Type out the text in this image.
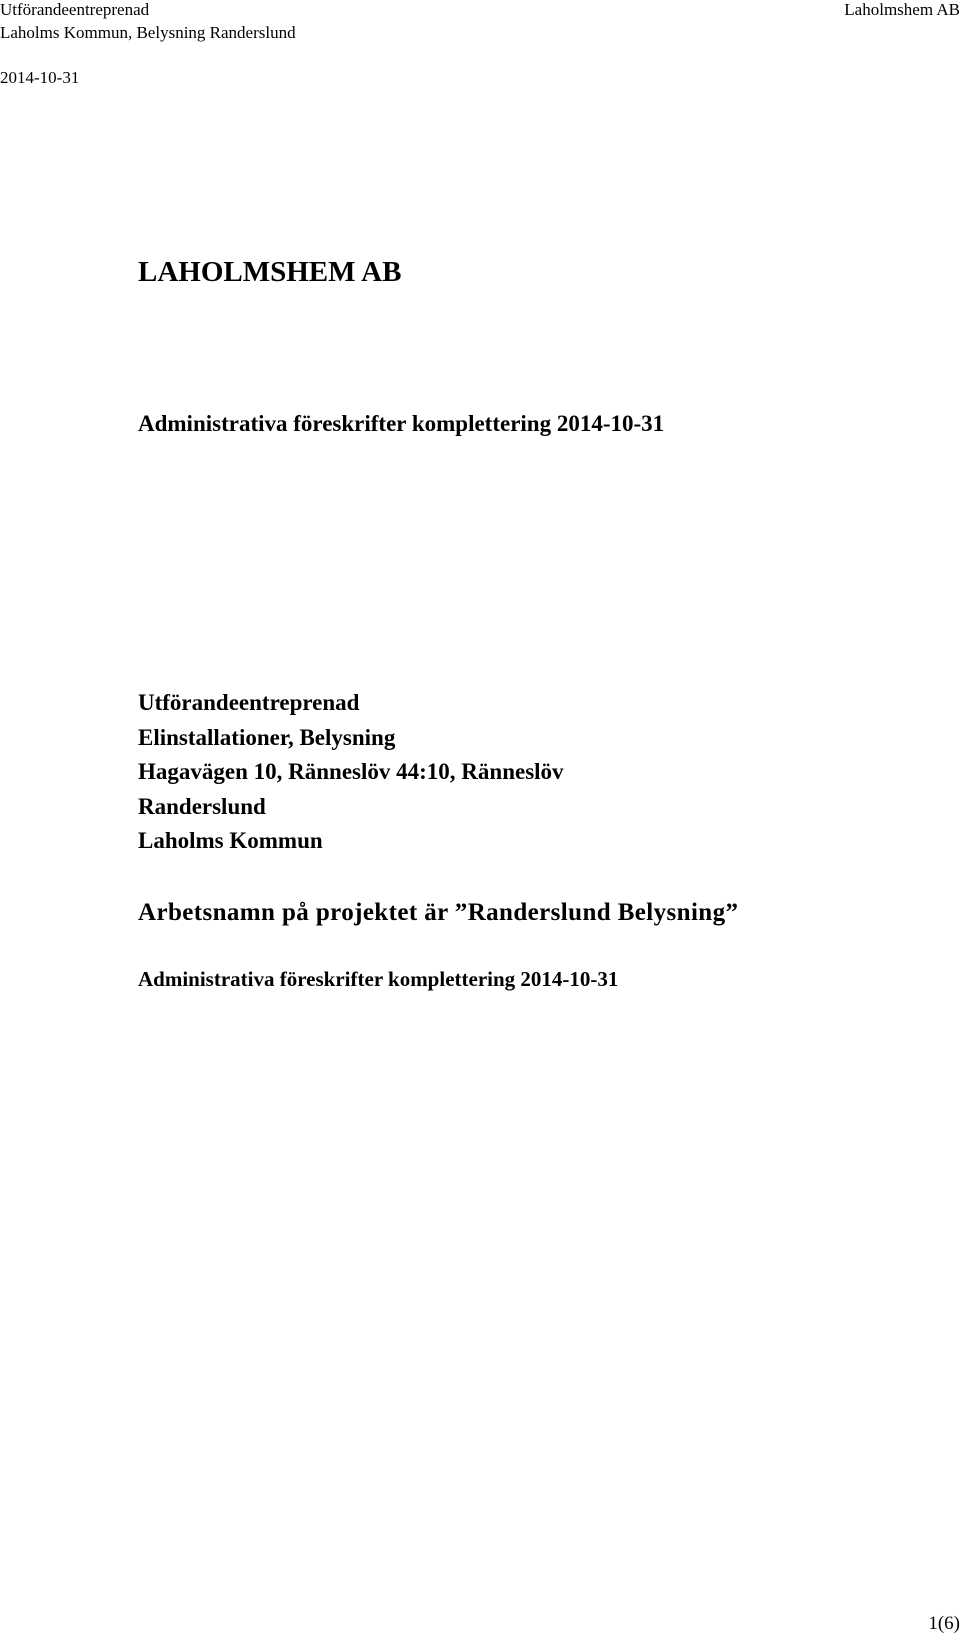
Utförandeentreprenad
Laholms Kommun, Belysning Randerslund
Laholmshem AB
2014-10-31
LAHOLMSHEM AB
Administrativa föreskrifter komplettering 2014-10-31
Utförandeentreprenad
Elinstallationer, Belysning
Hagavägen 10, Ränneslöv 44:10, Ränneslöv
Randerslund
Laholms Kommun

Arbetsnamn på projektet är ”Randerslund Belysning”

Administrativa föreskrifter komplettering 2014-10-31

1(6)
